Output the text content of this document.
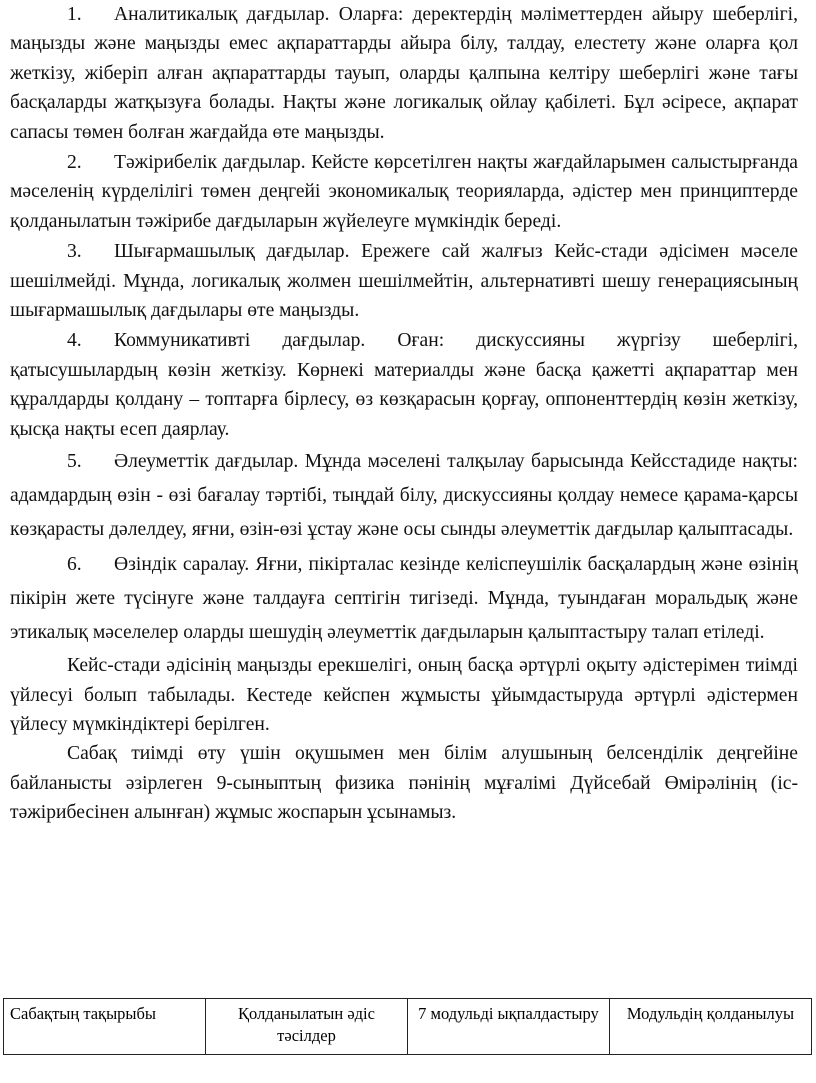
1. Аналитикалық дағдылар. Оларға: деректердің мәліметтерден айыру шеберлігі, маңызды және маңызды емес ақпараттарды айыра білу, талдау, елестету және оларға қол жеткізу, жіберіп алған ақпараттарды тауып, оларды қалпына келтіру шеберлігі және тағы басқаларды жатқызуға болады. Нақты және логикалық ойлау қабілеті. Бұл әсіресе, ақпарат сапасы төмен болған жағдайда өте маңызды.

2. Тәжірибелік дағдылар. Кейсте көрсетілген нақты жағдайларымен салыстырғанда мәселенің күрделілігі төмен деңгейі экономикалық теорияларда, әдістер мен принциптерде қолданылатын тәжірибе дағдыларын жүйелеуге мүмкіндік береді.

3. Шығармашылық дағдылар. Ережеге сай жалғыз Кейс-стади әдісімен мәселе шешілмейді. Мұнда, логикалық жолмен шешілмейтін, альтернативті шешу генерациясының шығармашылық дағдылары өте маңызды.

4. Коммуникативті дағдылар. Оған: дискуссияны жүргізу шеберлігі, қатысушылардың көзін жеткізу. Көрнекі материалды және басқа қажетті ақпараттар мен құралдарды қолдану – топтарға бірлесу, өз көзқарасын қорғау, оппоненттердің көзін жеткізу, қысқа нақты есеп даярлау.

5. Әлеуметтік дағдылар. Мұнда мәселені талқылау барысында Кейсстадиде нақты: адамдардың өзін - өзі бағалау тәртібі, тыңдай білу, дискуссияны қолдау немесе қарама-қарсы көзқарасты дәлелдеу, яғни, өзін-өзі ұстау және осы сынды әлеуметтік дағдылар қалыптасады.

6. Өзіндік саралау. Яғни, пікірталас кезінде келіспеушілік басқалардың және өзінің пікірін жете түсінуге және талдауға септігін тигізеді. Мұнда, туындаған моральдық және этикалық мәселелер оларды шешудің әлеуметтік дағдыларын қалыптастыру талап етіледі.

Кейс-стади әдісінің маңызды ерекшелігі, оның басқа әртүрлі оқыту әдістерімен тиімді үйлесуі болып табылады. Кестеде кейспен жұмысты ұйымдастыруда әртүрлі әдістермен үйлесу мүмкіндіктері берілген.

Сабақ тиімді өту үшін оқушымен мен білім алушының белсенділік деңгейіне байланысты әзірлеген 9-сыныптың физика пәнінің мұғалімі Дүйсебай Өмірәлінің (іс-тәжірибесінен алынған) жұмыс жоспарын ұсынамыз.

Сабақтың тақырыбы	Қолданылатын әдіс тәсілдер	7 модульді ықпалдастыру	Модульдің қолданылуы
